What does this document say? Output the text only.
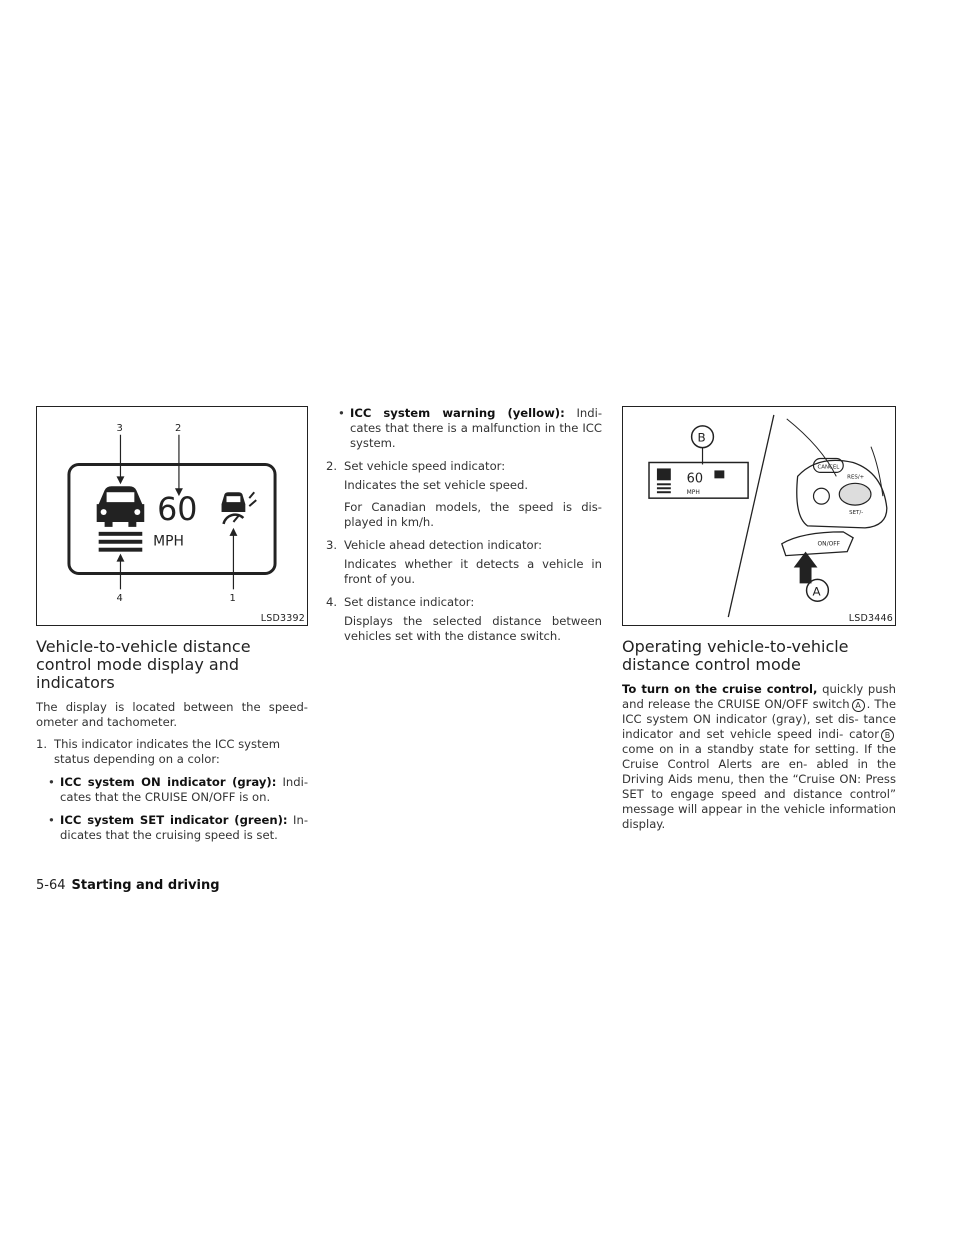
60
MPH
3	2
4	1
LSD3392
Vehicle-to-vehicle distance control mode display and indicators

The display is located between the speed- ometer and tachometer.

1. This indicator indicates the ICC system status depending on a color:
• ICC system ON indicator (gray): Indi- cates that the CRUISE ON/OFF is on.
• ICC system SET indicator (green): In- dicates that the cruising speed is set.
• ICC system warning (yellow): Indi- cates that there is a malfunction in the ICC system.
2. Set vehicle speed indicator:

Indicates the set vehicle speed.

For Canadian models, the speed is dis- played in km/h.

3. Vehicle ahead detection indicator:

Indicates whether it detects a vehicle in front of you.

4. Set distance indicator:

Displays the selected distance between vehicles set with the distance switch.

B
60
MPH
CANCEL
RES/+
SET/-
ON/OFF
A
LSD3446
Operating vehicle-to-vehicle distance control mode

To turn on the cruise control, quickly push and release the CRUISE ON/OFF switch A . The ICC system ON indicator (gray), set dis- tance indicator and set vehicle speed indi- cator B come on in a standby state for setting. If the Cruise Control Alerts are en- abled in the Driving Aids menu, then the “Cruise ON: Press SET to engage speed and distance control” message will appear in the vehicle information display.

5-64 Starting and driving
